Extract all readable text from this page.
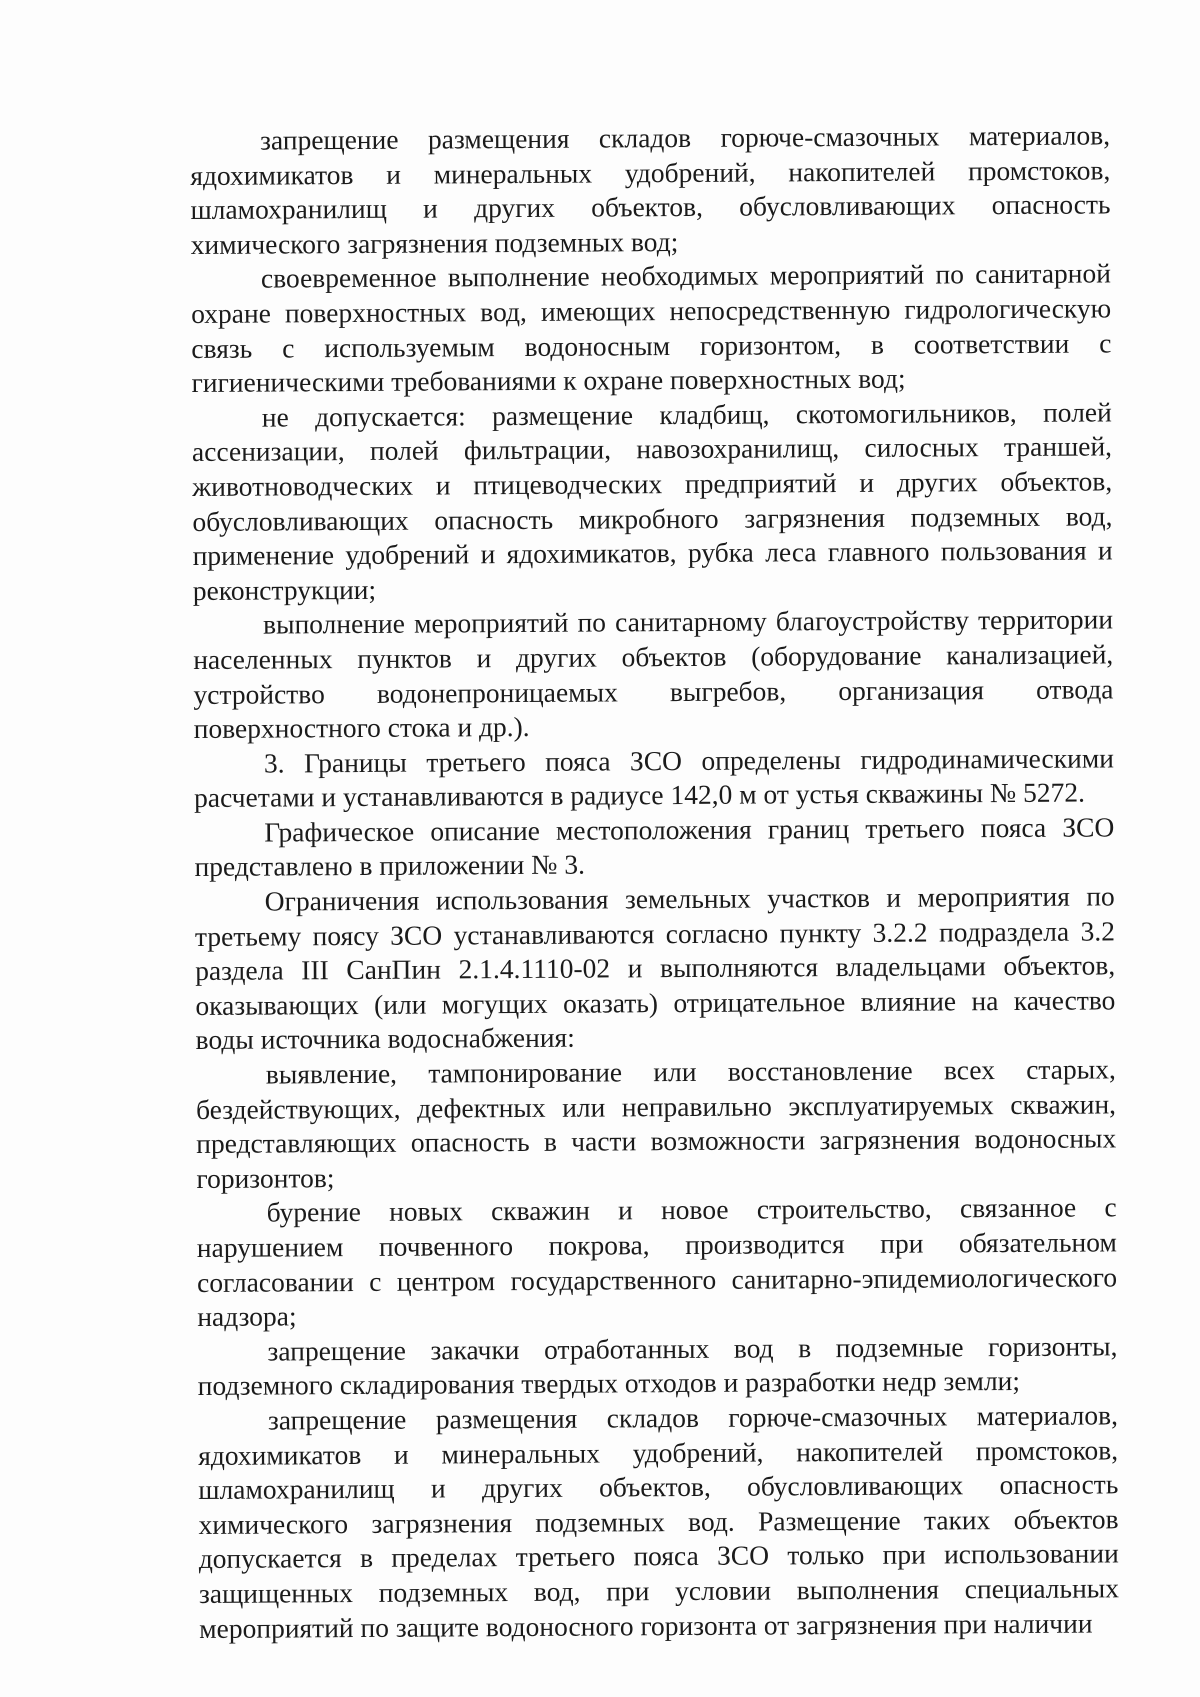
запрещение размещения складов горюче-смазочных материалов, ядохимикатов и минеральных удобрений, накопителей промстоков, шламохранилищ и других объектов, обусловливающих опасность химического загрязнения подземных вод;

своевременное выполнение необходимых мероприятий по санитарной охране поверхностных вод, имеющих непосредственную гидрологическую связь с используемым водоносным горизонтом, в соответствии с гигиеническими требованиями к охране поверхностных вод;

не допускается: размещение кладбищ, скотомогильников, полей ассенизации, полей фильтрации, навозохранилищ, силосных траншей, животноводческих и птицеводческих предприятий и других объектов, обусловливающих опасность микробного загрязнения подземных вод, применение удобрений и ядохимикатов, рубка леса главного пользования и реконструкции;

выполнение мероприятий по санитарному благоустройству территории населенных пунктов и других объектов (оборудование канализацией, устройство водонепроницаемых выгребов, организация отвода поверхностного стока и др.).

3. Границы третьего пояса ЗСО определены гидродинамическими расчетами и устанавливаются в радиусе 142,0 м от устья скважины № 5272.

Графическое описание местоположения границ третьего пояса ЗСО представлено в приложении № 3.

Ограничения использования земельных участков и мероприятия по третьему поясу ЗСО устанавливаются согласно пункту 3.2.2 подраздела 3.2 раздела III СанПин 2.1.4.1110-02 и выполняются владельцами объектов, оказывающих (или могущих оказать) отрицательное влияние на качество воды источника водоснабжения:

выявление, тампонирование или восстановление всех старых, бездействующих, дефектных или неправильно эксплуатируемых скважин, представляющих опасность в части возможности загрязнения водоносных горизонтов;

бурение новых скважин и новое строительство, связанное с нарушением почвенного покрова, производится при обязательном согласовании с центром государственного санитарно-эпидемиологического надзора;

запрещение закачки отработанных вод в подземные горизонты, подземного складирования твердых отходов и разработки недр земли;

запрещение размещения складов горюче-смазочных материалов, ядохимикатов и минеральных удобрений, накопителей промстоков, шламохранилищ и других объектов, обусловливающих опасность химического загрязнения подземных вод. Размещение таких объектов допускается в пределах третьего пояса ЗСО только при использовании защищенных подземных вод, при условии выполнения специальных мероприятий по защите водоносного горизонта от загрязнения при наличии
